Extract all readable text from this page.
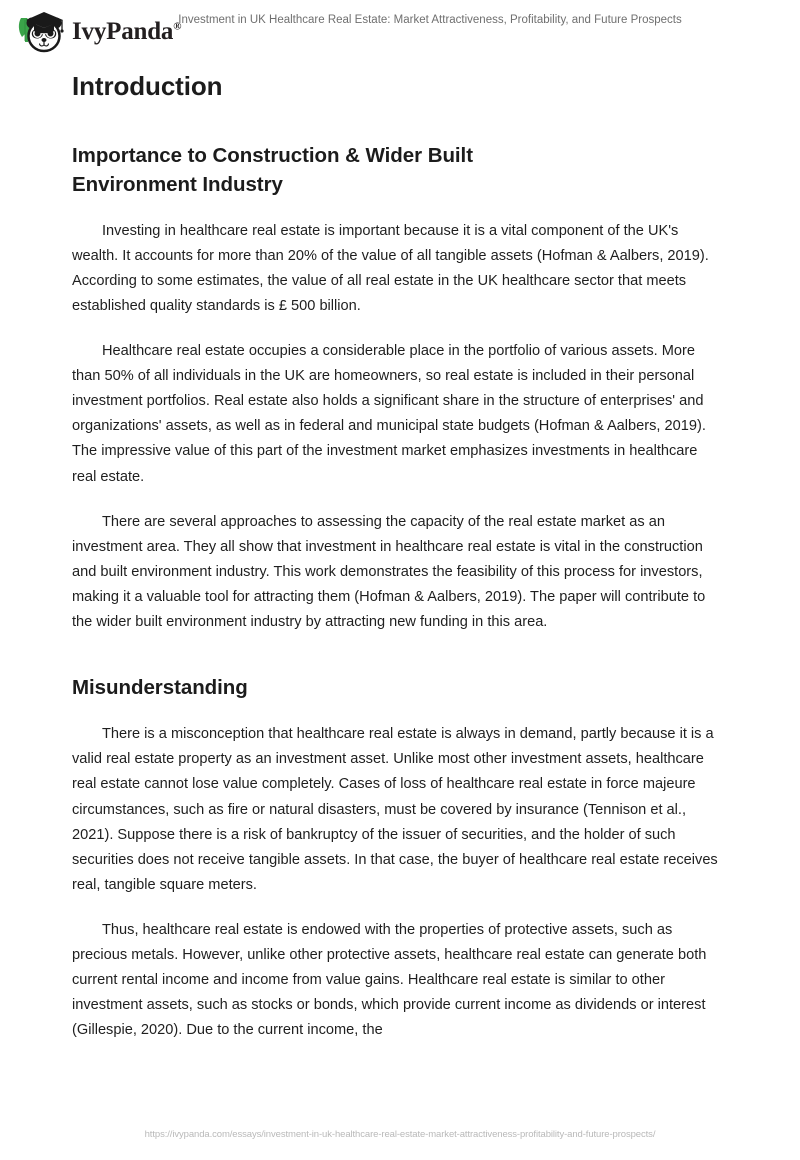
IvyPanda®
Investment in UK Healthcare Real Estate: Market Attractiveness, Profitability, and Future Prospects
Introduction
Importance to Construction & Wider Built Environment Industry

Investing in healthcare real estate is important because it is a vital component of the UK's wealth. It accounts for more than 20% of the value of all tangible assets (Hofman & Aalbers, 2019). According to some estimates, the value of all real estate in the UK healthcare sector that meets established quality standards is £ 500 billion.

Healthcare real estate occupies a considerable place in the portfolio of various assets. More than 50% of all individuals in the UK are homeowners, so real estate is included in their personal investment portfolios. Real estate also holds a significant share in the structure of enterprises' and organizations' assets, as well as in federal and municipal state budgets (Hofman & Aalbers, 2019). The impressive value of this part of the investment market emphasizes investments in healthcare real estate.

There are several approaches to assessing the capacity of the real estate market as an investment area. They all show that investment in healthcare real estate is vital in the construction and built environment industry. This work demonstrates the feasibility of this process for investors, making it a valuable tool for attracting them (Hofman & Aalbers, 2019). The paper will contribute to the wider built environment industry by attracting new funding in this area.

Misunderstanding

There is a misconception that healthcare real estate is always in demand, partly because it is a valid real estate property as an investment asset. Unlike most other investment assets, healthcare real estate cannot lose value completely. Cases of loss of healthcare real estate in force majeure circumstances, such as fire or natural disasters, must be covered by insurance (Tennison et al., 2021). Suppose there is a risk of bankruptcy of the issuer of securities, and the holder of such securities does not receive tangible assets. In that case, the buyer of healthcare real estate receives real, tangible square meters.

Thus, healthcare real estate is endowed with the properties of protective assets, such as precious metals. However, unlike other protective assets, healthcare real estate can generate both current rental income and income from value gains. Healthcare real estate is similar to other investment assets, such as stocks or bonds, which provide current income as dividends or interest (Gillespie, 2020). Due to the current income, the

https://ivypanda.com/essays/investment-in-uk-healthcare-real-estate-market-attractiveness-profitability-and-future-prospects/
